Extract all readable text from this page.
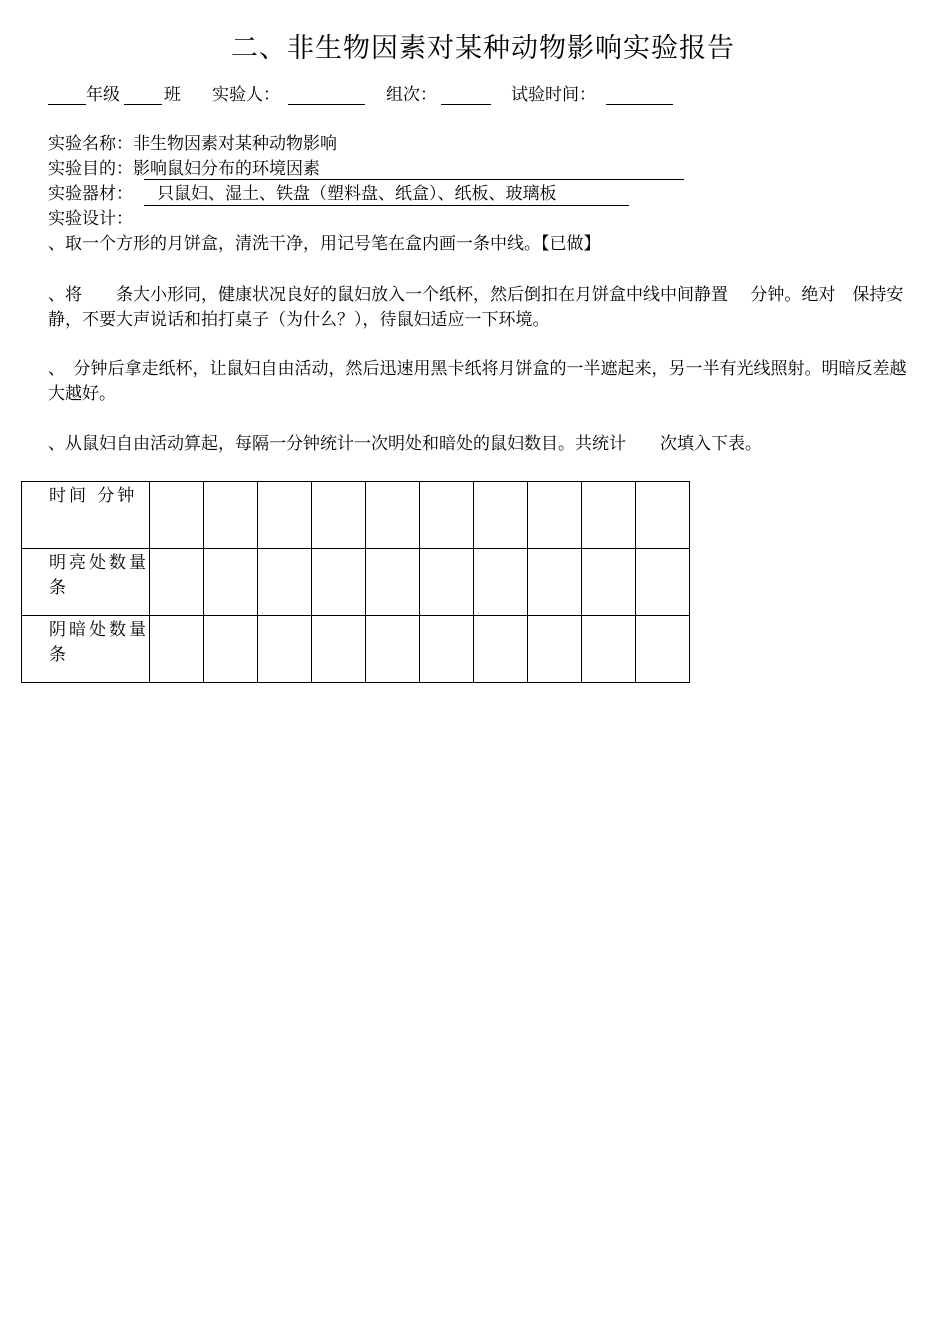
二、非生物因素对某种动物影响实验报告
年级	班 实验人：	组次：	试验时间：
实验名称：非生物因素对某种动物影响
实验目的：影响鼠妇分布的环境因素
实验器材： 只鼠妇、湿土、铁盘（塑料盘、纸盒）、纸板、玻璃板
实验设计：
、取一个方形的月饼盒，清洗干净，用记号笔在盒内画一条中线。【已做】
、将　　条大小形同，健康状况良好的鼠妇放入一个纸杯，然后倒扣在月饼盒中线中间静置　 分钟。绝对　保持安静，不要大声说话和拍打桌子（为什么？），待鼠妇适应一下环境。
、　分钟后拿走纸杯，让鼠妇自由活动，然后迅速用黑卡纸将月饼盒的一半遮起来，另一半有光线照射。明暗反差越大越好。
、从鼠妇自由活动算起，每隔一分钟统计一次明处和暗处的鼠妇数目。共统计　　次填入下表。
时间 分钟										
明亮处数量条										
阴暗处数量条										
